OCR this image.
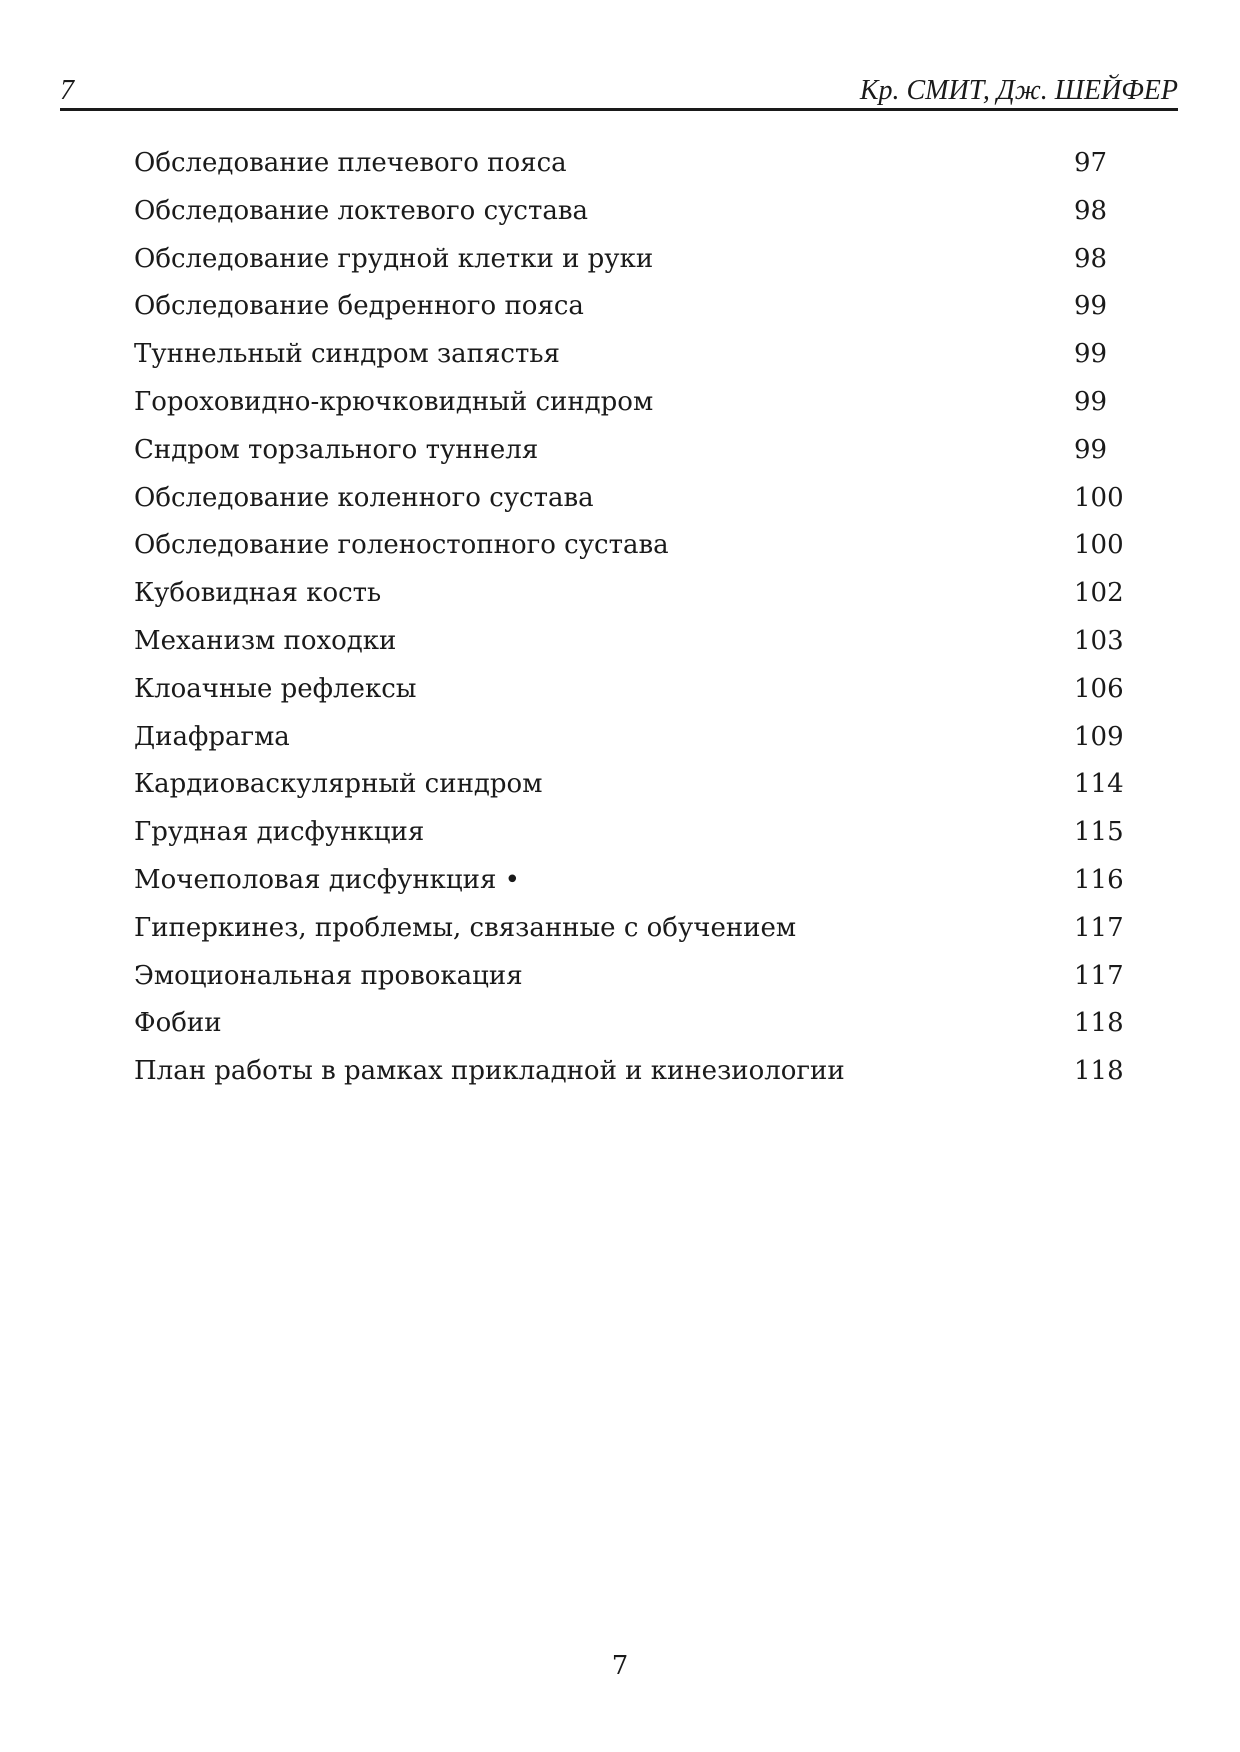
7	Кр. СМИТ, Дж. ШЕЙФЕР
Обследование плечевого пояса	97
Обследование локтевого сустава	98
Обследование грудной клетки и руки	98
Обследование бедренного пояса	99
Туннельный синдром запястья	99
Гороховидно-крючковидный синдром	99
Сндром торзального туннеля	99
Обследование коленного сустава	100
Обследование голеностопного сустава	100
Кубовидная кость	102
Механизм походки	103
Клоачные рефлексы	106
Диафрагма	109
Кардиоваскулярный синдром	114
Грудная дисфункция	115
Мочеполовая дисфункция •	116
Гиперкинез, проблемы, связанные с обучением	117
Эмоциональная провокация	117
Фобии	118
План работы в рамках прикладной и кинезиологии	118
7
